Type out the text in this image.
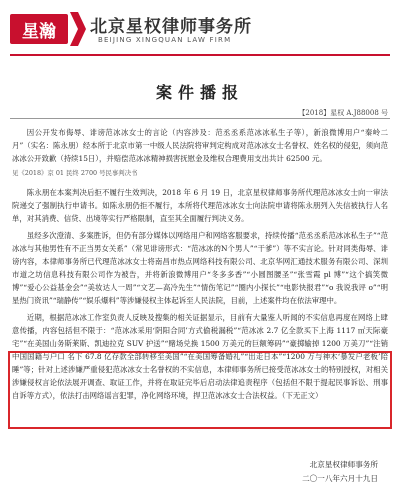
星瀚	北京星权律师事务所
BEIJING XINGQUAN LAW FIRM
案件播报
【2018】星权 A.J88008 号

因公开发布侮辱、诽谤范冰冰女士的言论（内容涉及：范丞丞系范冰冰私生子等），新浪微博用户“秦岭二月”（实名：陈永朋）经本所于北京市第一中级人民法院将审判定构成对范冰冰女士名誉权、姓名权的侵犯，须向范冰冰公开致歉（持续15日），并赔偿范冰冰精神损害抚慰金及维权合理费用支出共计 62500 元。

见《2018》京 01 民终 2700 号民事判决书

陈永朋在本案判决后拒不履行生效判决，2018 年 6 月 19 日，北京星权律师事务所代理范冰冰女士向一审法院递交了强制执行申请书。如陈永朋仍拒不履行，本所将代理范冰冰女士向法院申请将陈永朋列入失信被执行人名单，对其消费、信贷、出境等实行严格限制，直至其全面履行判决义务。

虽经多次澄清、多案胜诉，但仍有部分媒体以网络用户和网络客服要求，持续传播“范丞丞系范冰冰私生子”“范冰冰与其他男性有不正当男女关系”（常见诽谤形式：“范冰冰的N个男人”“干爹”）等不实言论。针对同类侮辱、诽谤内容，本律师事务所已代理范冰冰女士将南昌市热点网络科技有限公司、北京华网汇通技术服务有限公司、深圳市道之坊信息科技有限公司作为被告，并将新浪微博用户“冬多多香”“小圆图腰圣”“张雪霞 pl 博”“这个搞笑微博”“爱心公益基金会”“美妆达人一周”“文艺—高冷先生”“情伤笔记”“圈内小探长”“电影快报君”“o 我说我评 o”“明星热门资讯”“瑞静传”“娱乐爆料”等涉嫌侵权主体起诉至人民法院，目前，上述案件均在依法审理中。

近期，根据范冰冰工作室负责人反映及搜集的相关证据显示，目前有大量鉴人听闻的不实信息再度在网络上肆意传播，内容包括但不限于：“范冰冰采用‘阴阳合同’方式偷税漏税”“范冰冰 2.7 亿全款买下上海 1117 ㎡天际豪宅”“在美国山务斯莱斯、凯迪拉克 SUV 护送”“赌场兑换 1500 万美元的巨额筹码”“豪掷输掉 1200 万美刀”“注销中国国籍与户口 名下 67.8 亿存款全部转移至美国”“在美国筹备婚礼”“出走日本”“1200 万与神木‘暴发户老板’陪睡”等；针对上述涉嫌严重侵犯范冰冰女士名誉权的不实信息，本律师事务所已接受范冰冰女士的特别授权，对相关涉嫌侵权言论依法展开调查、取证工作，并将在取证完毕后启动法律追责程序（包括但不限于提起民事诉讼、刑事自诉等方式），依法打击网络谣言犯罪，净化网络环境，捍卫范冰冰女士合法权益。（下无正文）

北京星权律师事务所
二〇一八年六月十九日
